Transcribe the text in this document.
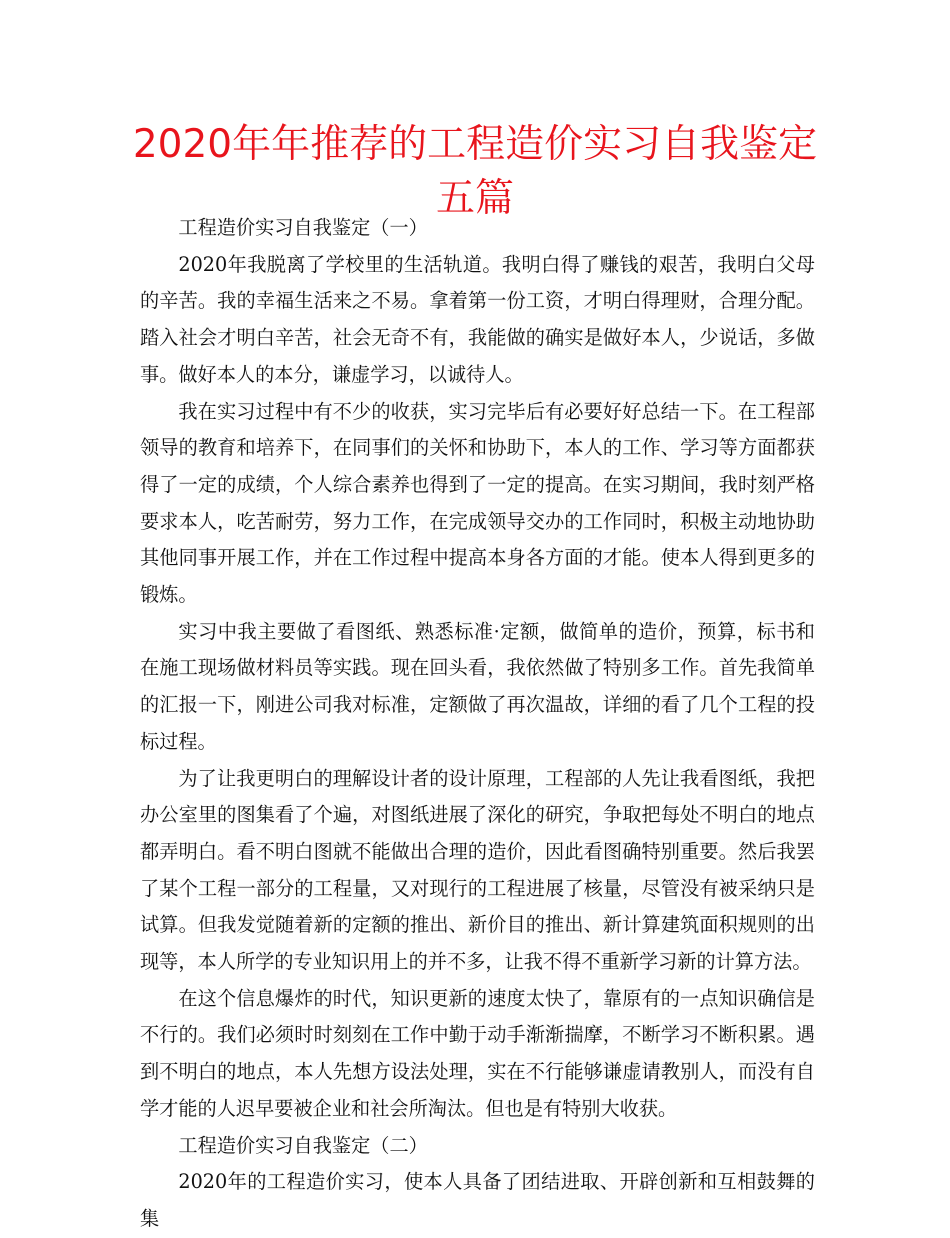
2020年年推荐的工程造价实习自我鉴定五篇

工程造价实习自我鉴定（一）

2020年我脱离了学校里的生活轨道。我明白得了赚钱的艰苦，我明白父母的辛苦。我的幸福生活来之不易。拿着第一份工资，才明白得理财，合理分配。踏入社会才明白辛苦，社会无奇不有，我能做的确实是做好本人，少说话，多做事。做好本人的本分，谦虚学习，以诚待人。

我在实习过程中有不少的收获，实习完毕后有必要好好总结一下。在工程部领导的教育和培养下，在同事们的关怀和协助下，本人的工作、学习等方面都获得了一定的成绩，个人综合素养也得到了一定的提高。在实习期间，我时刻严格要求本人，吃苦耐劳，努力工作，在完成领导交办的工作同时，积极主动地协助其他同事开展工作，并在工作过程中提高本身各方面的才能。使本人得到更多的锻炼。

实习中我主要做了看图纸、熟悉标准·定额，做简单的造价，预算，标书和在施工现场做材料员等实践。现在回头看，我依然做了特别多工作。首先我简单的汇报一下，刚进公司我对标准，定额做了再次温故，详细的看了几个工程的投标过程。

为了让我更明白的理解设计者的设计原理，工程部的人先让我看图纸，我把办公室里的图集看了个遍，对图纸进展了深化的研究，争取把每处不明白的地点都弄明白。看不明白图就不能做出合理的造价，因此看图确特别重要。然后我罢了某个工程一部分的工程量，又对现行的工程进展了核量，尽管没有被采纳只是试算。但我发觉随着新的定额的推出、新价目的推出、新计算建筑面积规则的出现等，本人所学的专业知识用上的并不多，让我不得不重新学习新的计算方法。

在这个信息爆炸的时代，知识更新的速度太快了，靠原有的一点知识确信是不行的。我们必须时时刻刻在工作中勤于动手渐渐揣摩，不断学习不断积累。遇到不明白的地点，本人先想方设法处理，实在不行能够谦虚请教别人，而没有自学才能的人迟早要被企业和社会所淘汰。但也是有特别大收获。

工程造价实习自我鉴定（二）

2020年的工程造价实习，使本人具备了团结进取、开辟创新和互相鼓舞的集
